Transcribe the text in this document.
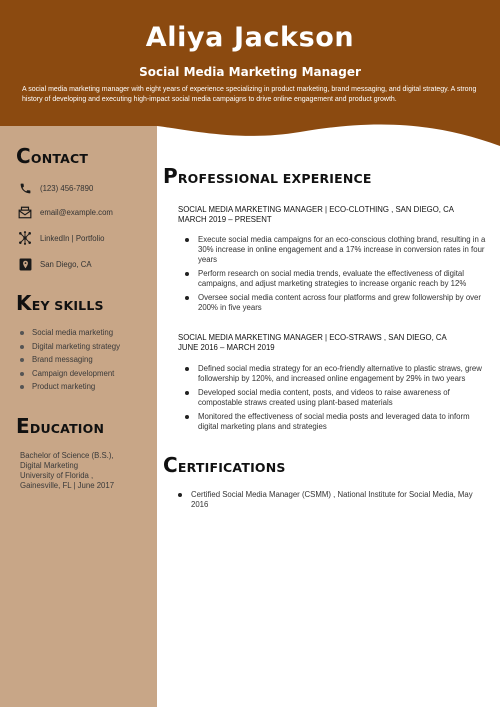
Aliya Jackson
Social Media Marketing Manager
A social media marketing manager with eight years of experience specializing in product marketing, brand messaging, and digital strategy. A strong history of developing and executing high-impact social media campaigns to drive online engagement and product growth.
CONTACT
(123) 456-7890
email@example.com
LinkedIn | Portfolio
San Diego, CA
KEY SKILLS
Social media marketing
Digital marketing strategy
Brand messaging
Campaign development
Product marketing
EDUCATION
Bachelor of Science (B.S.),
Digital Marketing
University of Florida ,
Gainesville, FL | June 2017
PROFESSIONAL EXPERIENCE
SOCIAL MEDIA MARKETING MANAGER | ECO-CLOTHING , SAN DIEGO, CA
MARCH 2019 – PRESENT
Execute social media campaigns for an eco-conscious clothing brand, resulting in a 30% increase in online engagement and a 17% increase in conversion rates in four years
Perform research on social media trends, evaluate the effectiveness of digital campaigns, and adjust marketing strategies to increase organic reach by 12%
Oversee social media content across four platforms and grew followership by over 200% in five years
SOCIAL MEDIA MARKETING MANAGER | ECO-STRAWS , SAN DIEGO, CA
JUNE 2016 – MARCH 2019
Defined social media strategy for an eco-friendly alternative to plastic straws, grew followership by 120%, and increased online engagement by 29% in two years
Developed social media content, posts, and videos to raise awareness of compostable straws created using plant-based materials
Monitored the effectiveness of social media posts and leveraged data to inform digital marketing plans and strategies
CERTIFICATIONS
Certified Social Media Manager (CSMM) , National Institute for Social Media, May 2016
